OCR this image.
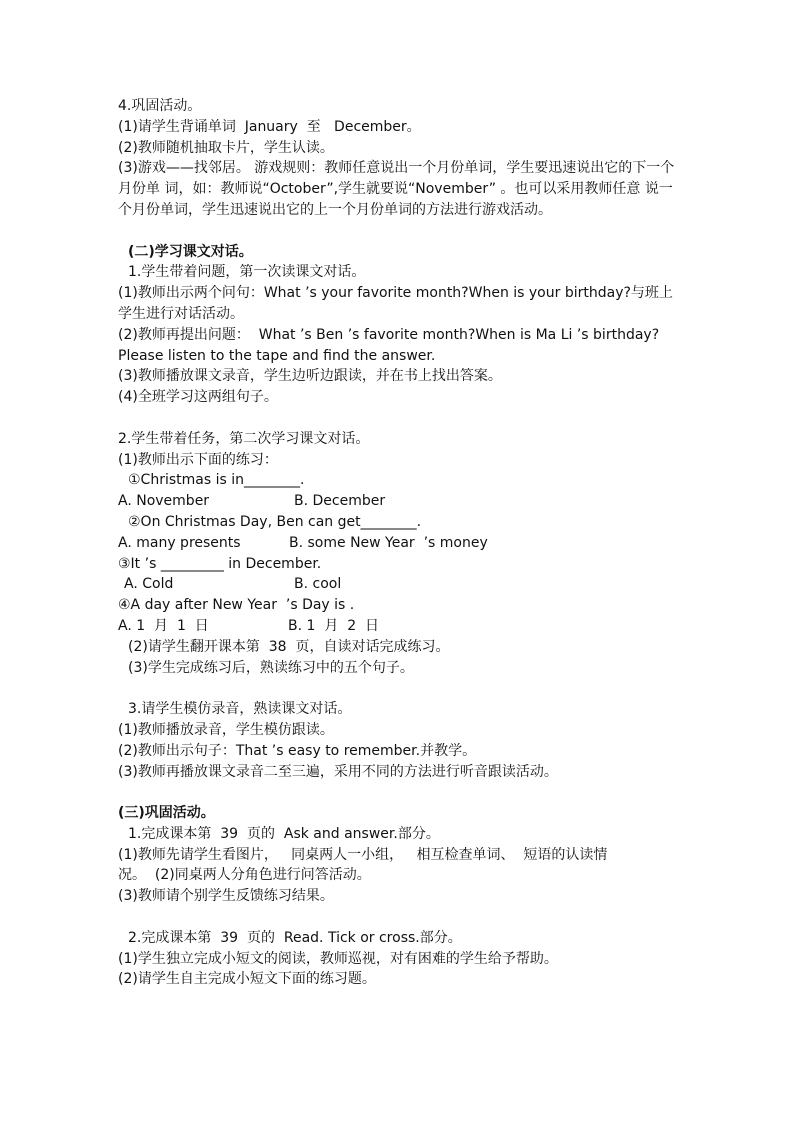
4.巩固活动。
(1)请学生背诵单词  January  至   December。
(2)教师随机抽取卡片，学生认读。
(3)游戏——找邻居。 游戏规则：教师任意说出一个月份单词，学生要迅速说出它的下一个月份单 词，如：教师说“October”,学生就要说“November” 。也可以采用教师任意 说一个月份单词，学生迅速说出它的上一个月份单词的方法进行游戏活动。
(二)学习课文对话。
1.学生带着问题，第一次读课文对话。
(1)教师出示两个问句：What ’s your favorite month?When is your birthday?与班上
学生进行对话活动。
(2)教师再提出问题：  What ’s Ben ’s favorite month?When is Ma Li ’s birthday?
Please listen to the tape and find the answer.
(3)教师播放课文录音，学生边听边跟读，并在书上找出答案。
(4)全班学习这两组句子。
2.学生带着任务，第二次学习课文对话。
(1)教师出示下面的练习：
①Christmas is in________.
A. November	B. December
②On Christmas Day, Ben can get________.
A. many presents	B. some New Year  ’s money
③It ’s _________ in December.
A. Cold	B. cool
④A day after New Year  ’s Day is .
A. 1  月  1  日	B. 1  月  2  日
(2)请学生翻开课本第  38  页，自读对话完成练习。
(3)学生完成练习后，熟读练习中的五个句子。
3.请学生模仿录音，熟读课文对话。
(1)教师播放录音，学生模仿跟读。
(2)教师出示句子：That ’s easy to remember.并教学。
(3)教师再播放课文录音二至三遍，采用不同的方法进行听音跟读活动。
(三)巩固活动。
1.完成课本第  39  页的  Ask and answer.部分。
(1)教师先请学生看图片，   同桌两人一小组，   相互检查单词、  短语的认读情
况。  (2)同桌两人分角色进行问答活动。
(3)教师请个别学生反馈练习结果。
2.完成课本第  39  页的  Read. Tick or cross.部分。
(1)学生独立完成小短文的阅读，教师巡视，对有困难的学生给予帮助。
(2)请学生自主完成小短文下面的练习题。
